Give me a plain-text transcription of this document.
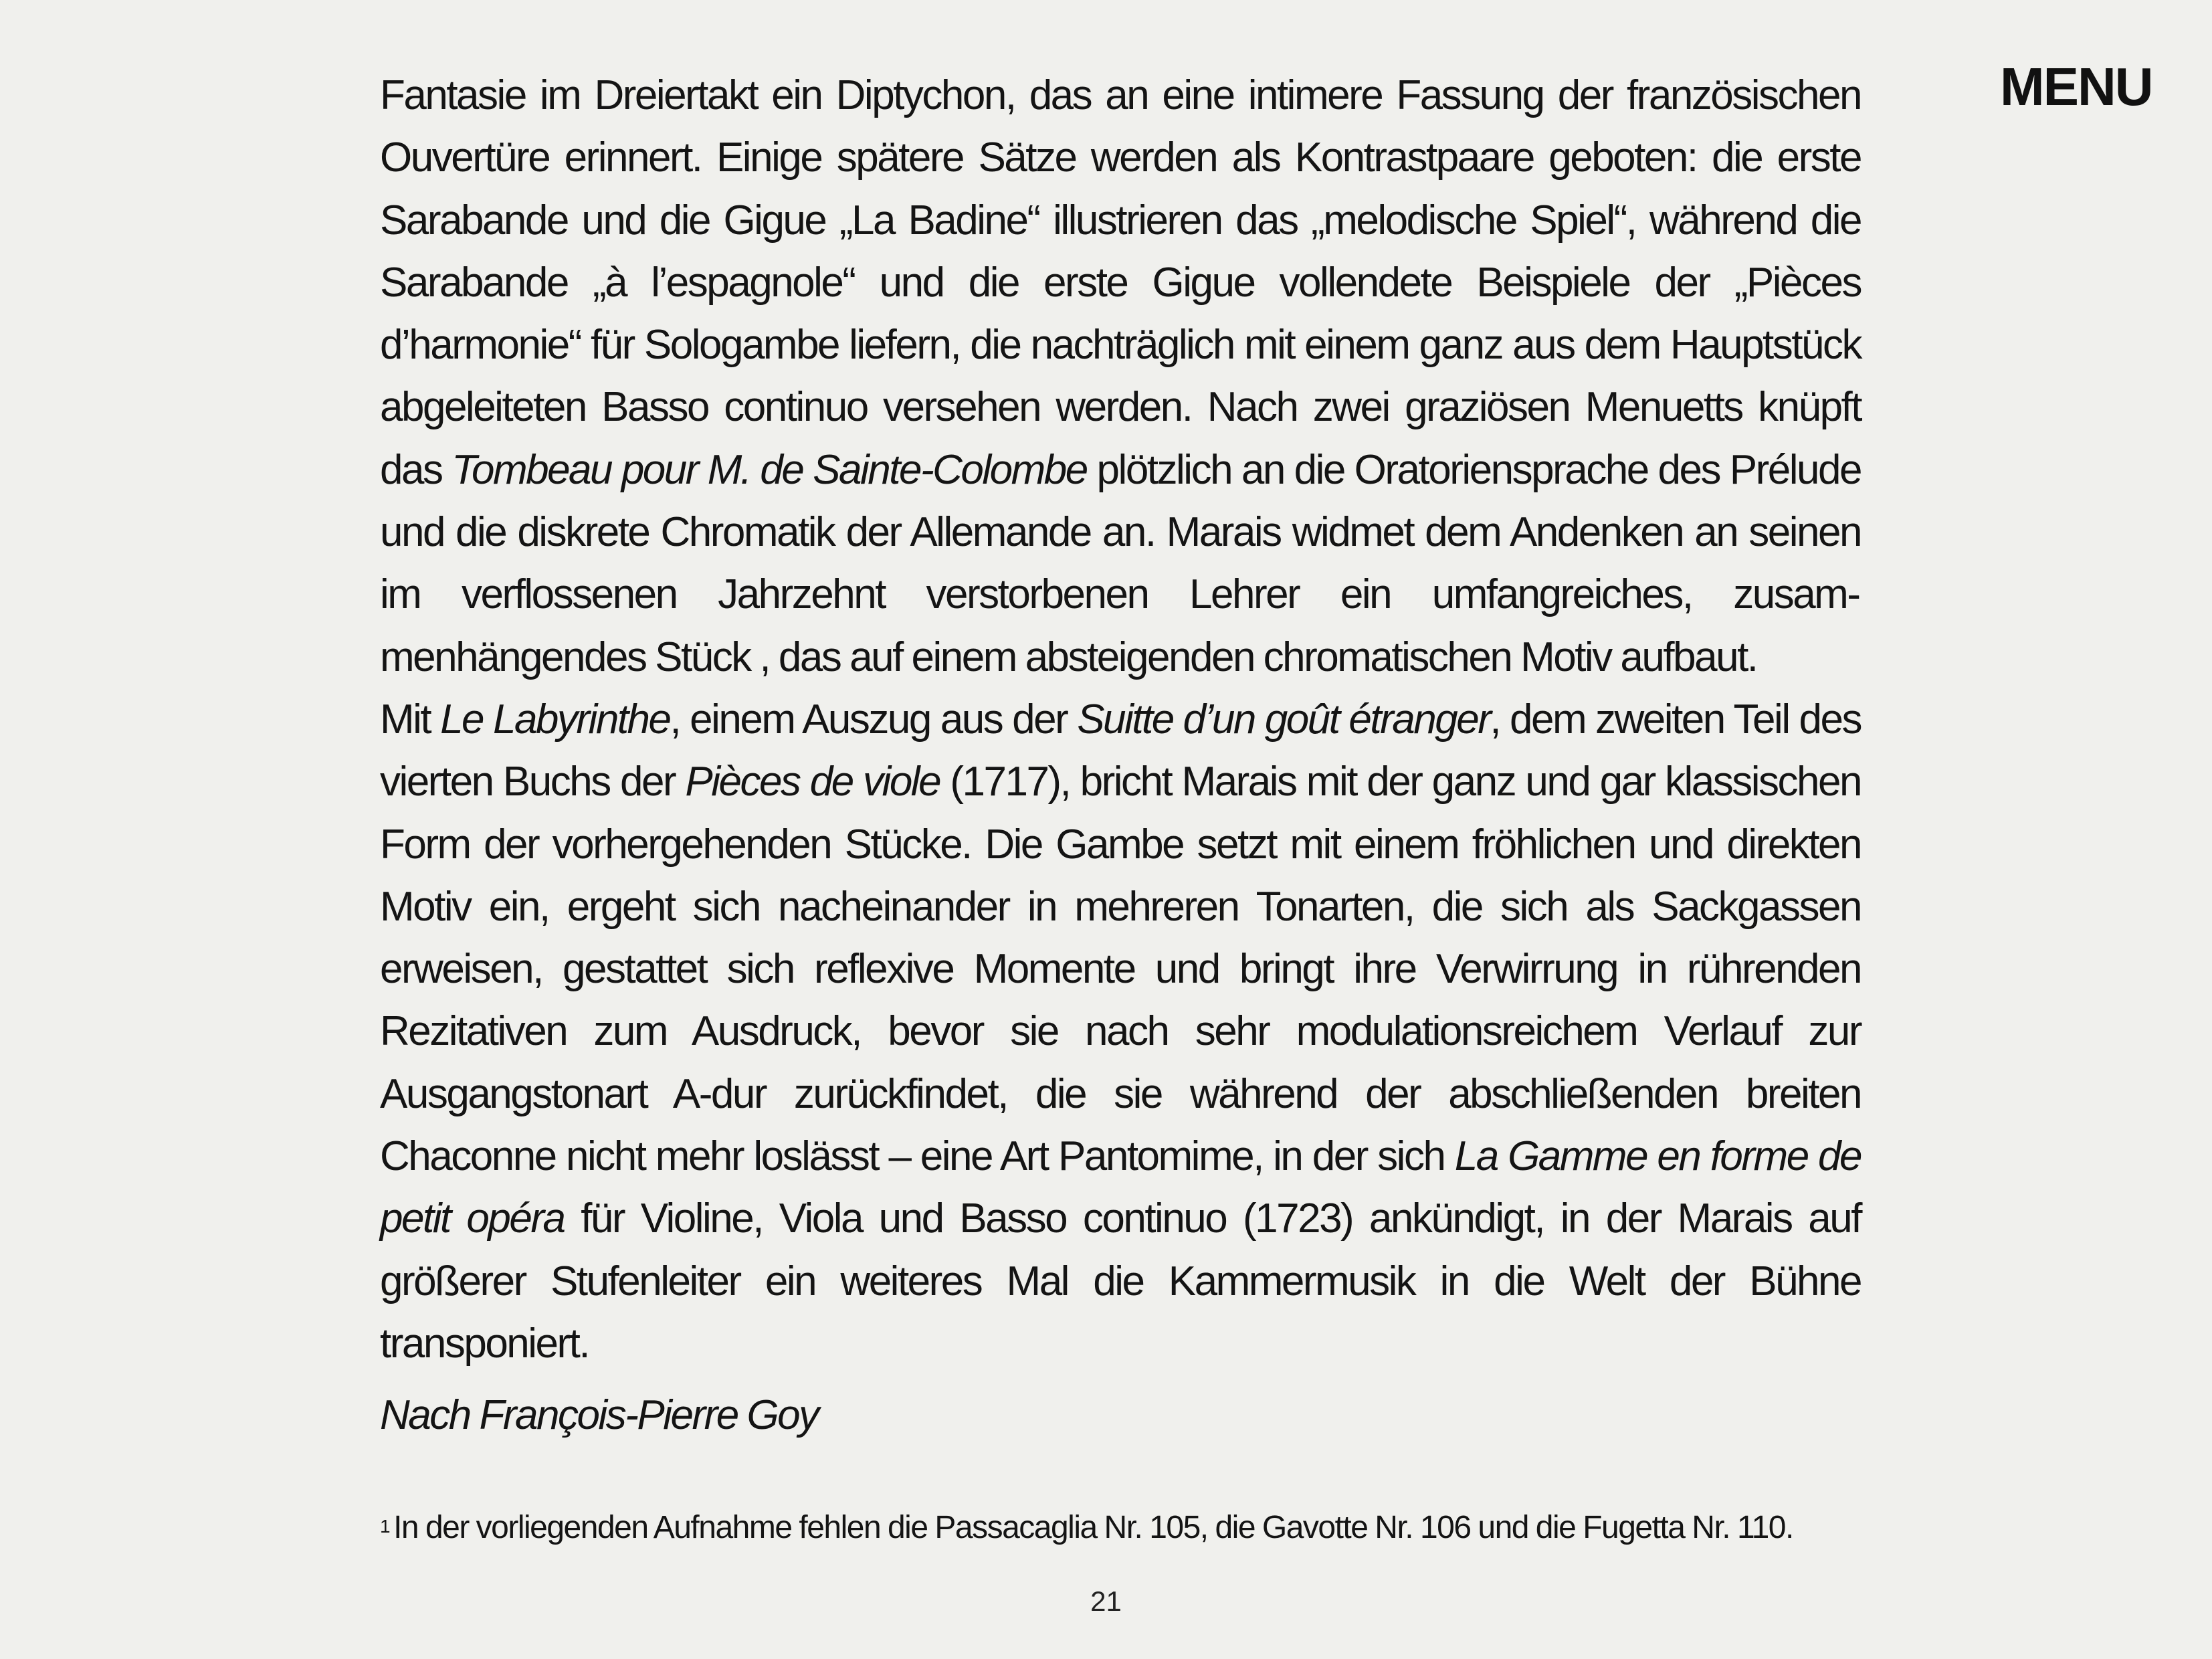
MENU

Fantasie im Dreiertakt ein Diptychon, das an eine intimere Fassung der französischen Ouvertüre erinnert. Einige spätere Sätze werden als Kontrastpaare geboten: die erste Sarabande und die Gigue „La Badine“ illustrieren das „melodische Spiel“, während die Sarabande „à l’espagnole“ und die erste Gigue vollendete Beispiele der „Pièces d’harmonie“ für Sologambe liefern, die nachträglich mit einem ganz aus dem Hauptstück abgeleiteten Basso continuo versehen werden. Nach zwei graziösen Menuetts knüpft das Tombeau pour M. de Sainte-Colombe plötzlich an die Oratoriensprache des Prélude und die diskrete Chromatik der Allemande an. Marais widmet dem Andenken an seinen im verflossenen Jahrzehnt verstorbenen Lehrer ein umfangreiches, zusammenhängendes Stück , das auf einem absteigenden chromatischen Motiv aufbaut.

Mit Le Labyrinthe, einem Auszug aus der Suitte d’un goût étranger, dem zweiten Teil des vierten Buchs der Pièces de viole (1717), bricht Marais mit der ganz und gar klassischen Form der vorhergehenden Stücke. Die Gambe setzt mit einem fröhlichen und direkten Motiv ein, ergeht sich nacheinander in mehreren Tonarten, die sich als Sackgassen erweisen, gestattet sich reflexive Momente und bringt ihre Verwirrung in rührenden Rezitativen zum Ausdruck, bevor sie nach sehr modulationsreichem Verlauf zur Ausgangstonart A-dur zurückfindet, die sie während der abschließenden breiten Chaconne nicht mehr loslässt – eine Art Pantomime, in der sich La Gamme en forme de petit opéra für Violine, Viola und Basso continuo (1723) ankündigt, in der Marais auf größerer Stufenleiter ein weiteres Mal die Kammermusik in die Welt der Bühne transponiert.

Nach François-Pierre Goy

$^1$ In der vorliegenden Aufnahme fehlen die Passacaglia Nr. 105, die Gavotte Nr. 106 und die Fugetta Nr. 110.

21
